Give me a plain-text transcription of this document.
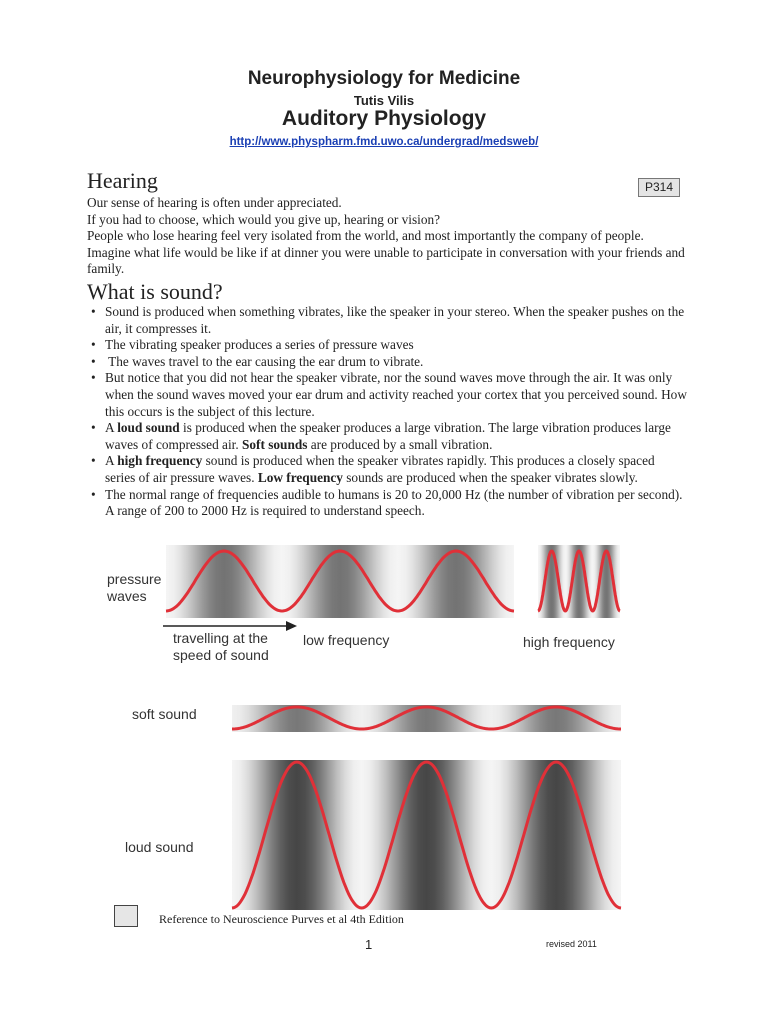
Neurophysiology for Medicine
Tutis Vilis
Auditory Physiology
http://www.physpharm.fmd.uwo.ca/undergrad/medsweb/
Hearing	P314
Our sense of hearing is often under appreciated.
If you had to choose, which would you give up, hearing or vision?
People who lose hearing feel very isolated from the world, and most importantly the company of people. Imagine what life would be like if at dinner you were unable to participate in conversation with your friends and family.
What is sound?
• Sound is produced when something vibrates, like the speaker in your stereo. When the speaker pushes on the air, it compresses it.
• The vibrating speaker produces a series of pressure waves
• The waves travel to the ear causing the ear drum to vibrate.
• But notice that you did not hear the speaker vibrate, nor the sound waves move through the air. It was only when the sound waves moved your ear drum and activity reached your cortex that you perceived sound. How this occurs is the subject of this lecture.
• A loud sound is produced when the speaker produces a large vibration. The large vibration produces large waves of compressed air. Soft sounds are produced by a small vibration.
• A high frequency sound is produced when the speaker vibrates rapidly. This produces a closely spaced series of air pressure waves. Low frequency sounds are produced when the speaker vibrates slowly.
• The normal range of frequencies audible to humans is 20 to 20,000 Hz (the number of vibration per second). A range of 200 to 2000 Hz is required to understand speech.
pressure
waves
travelling at the
speed of sound
low frequency	high frequency
soft sound
loud sound
Reference to Neuroscience Purves et al 4th Edition
1	revised 2011
